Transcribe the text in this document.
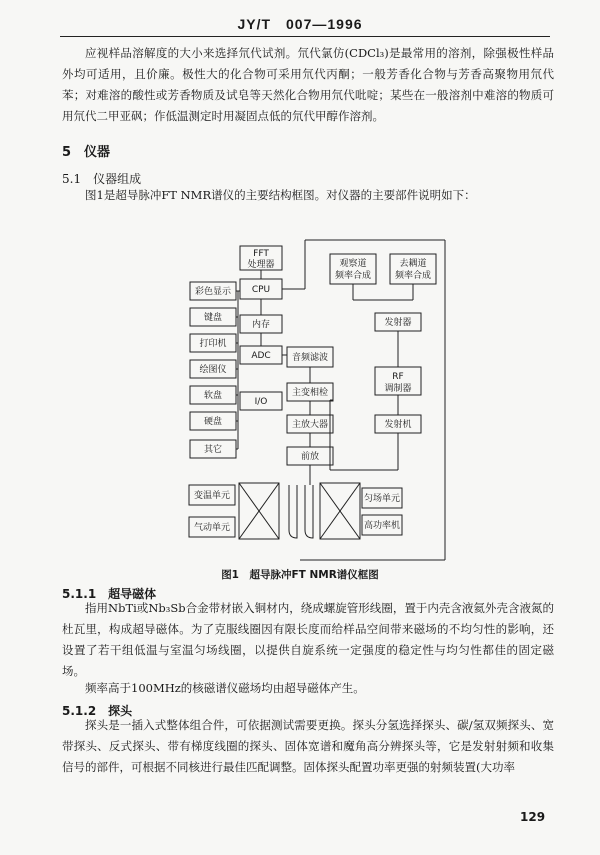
JY/T　007—1996
应视样品溶解度的大小来选择氘代试剂。氘代氯仿(CDCl₃)是最常用的溶剂，除强极性样品外均可适用，且价廉。极性大的化合物可采用氘代丙酮；一般芳香化合物与芳香高聚物用氘代苯；对难溶的酸性或芳香物质及试皂等天然化合物用氘代吡啶；某些在一般溶剂中难溶的物质可用氘代二甲亚砜；作低温测定时用凝固点低的氘代甲醇作溶剂。
5　仪器
5.1　仪器组成
图1是超导脉冲FT NMR谱仪的主要结构框图。对仪器的主要部件说明如下：
FFT
处理器
CPU
内存
ADC
I/O
彩色显示
键盘
打印机
绘图仪
软盘
硬盘
其它
音频滤波
主变相检
主放大器
前放
观察道
频率合成
去耦道
频率合成
发射器
RF
调制器
发射机
变温单元
气动单元
匀场单元
高功率机
图1　超导脉冲FT NMR谱仪框图
5.1.1　超导磁体
指用NbTi或Nb₃Sb合金带材嵌入铜材内，绕成螺旋管形线圈，置于内壳含液氦外壳含液氮的杜瓦里，构成超导磁体。为了克服线圈因有限长度而给样品空间带来磁场的不均匀性的影响，还设置了若干组低温与室温匀场线圈，以提供自旋系统一定强度的稳定性与均匀性都佳的固定磁场。
频率高于100MHz的核磁谱仪磁场均由超导磁体产生。
5.1.2　探头
探头是一插入式整体组合件，可依据测试需要更换。探头分氢选择探头、碳/氢双频探头、宽带探头、反式探头、带有梯度线圈的探头、固体宽谱和魔角高分辨探头等，它是发射射频和收集信号的部件，可根据不同核进行最佳匹配调整。固体探头配置功率更强的射频装置(大功率
129
